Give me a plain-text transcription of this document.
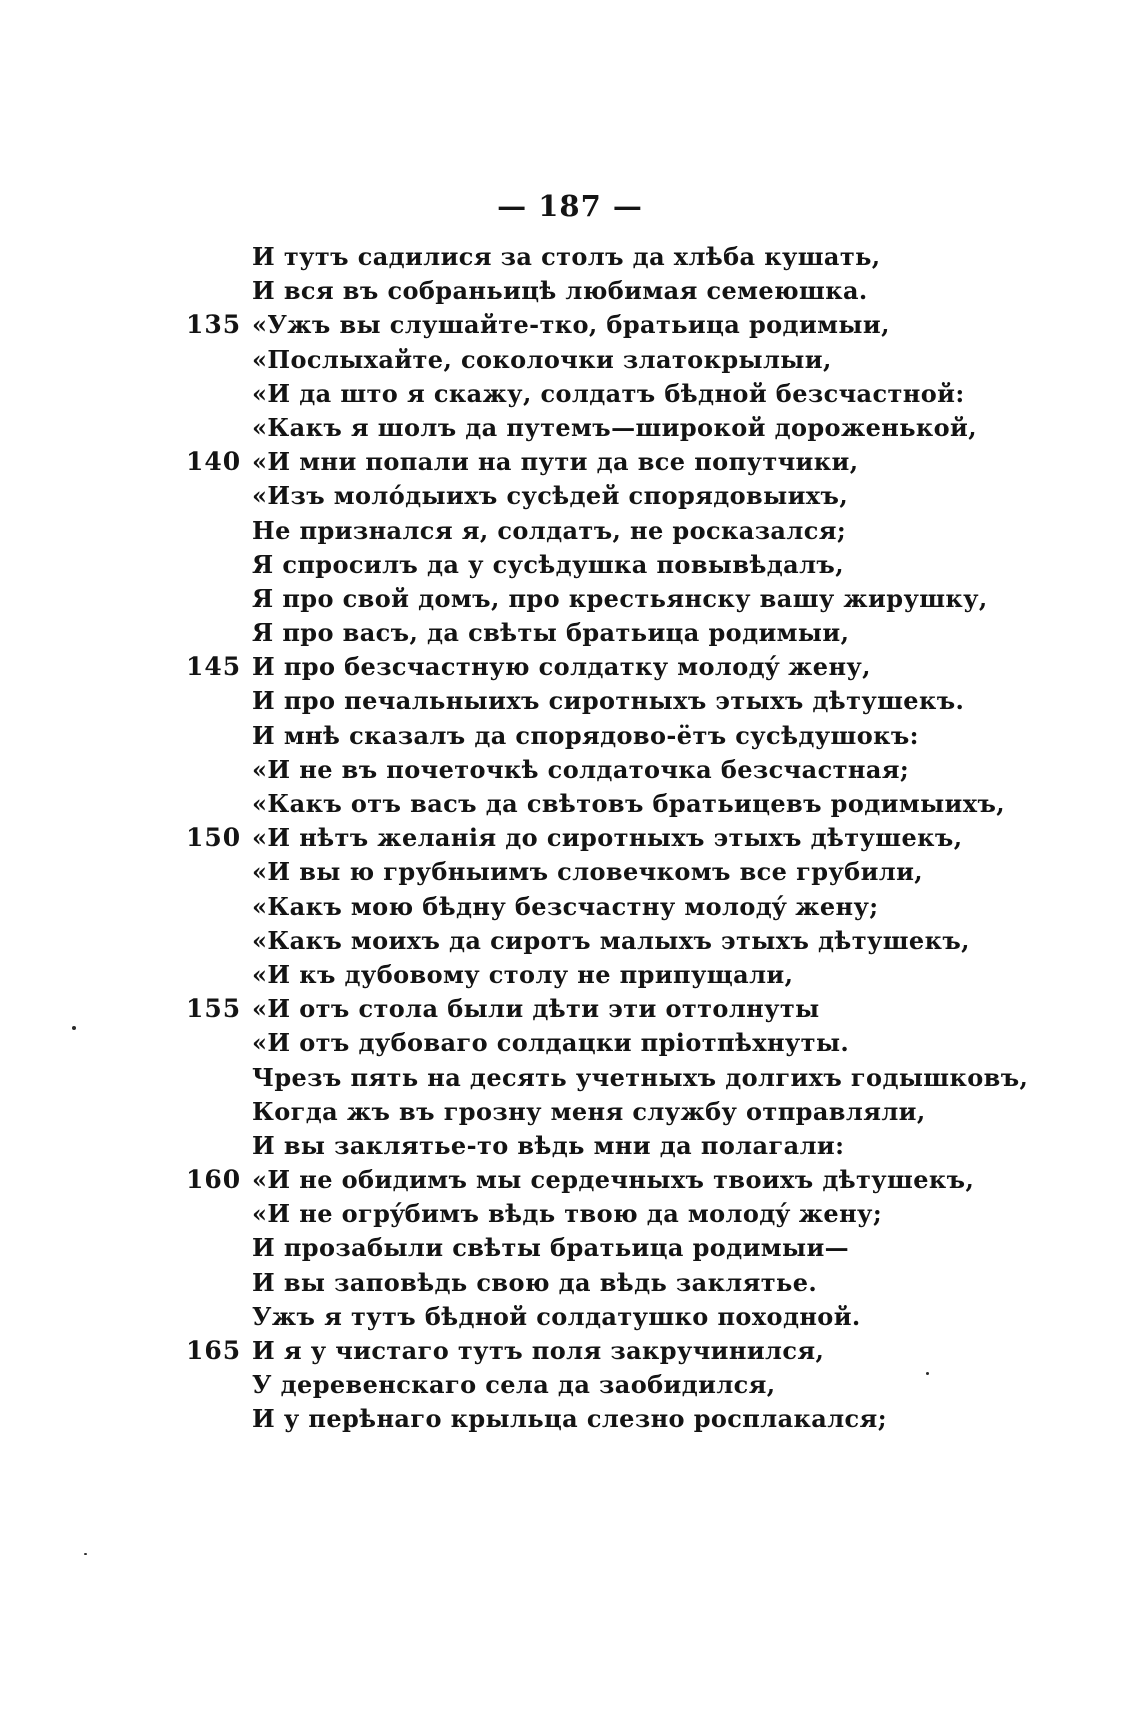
— 187 —
И тутъ садилися за столъ да хлѣба кушать,
И вся въ собраньицѣ любимая семеюшка.
135 «Ужъ вы слушайте-тко, братьица родимыи,
«Послыхайте, соколочки златокрылыи,
«И да што я скажу, солдатъ бѣдной безсчастной:
«Какъ я шолъ да путемъ—широкой дороженькой,
140 «И мни попали на пути да все попутчики,
«Изъ молóдыихъ сусѣдей спорядовыихъ,
Не признался я, солдатъ, не росказался;
Я спросилъ да у сусѣдушка повывѣдалъ,
Я про свой домъ, про крестьянску вашу жирушку,
Я про васъ, да свѣты братьица родимыи,
145 И про безсчастную солдатку молодý жену,
И про печальныихъ сиротныхъ этыхъ дѣтушекъ.
И мнѣ сказалъ да спорядово-ётъ сусѣдушокъ:
«И не въ почеточкѣ солдаточка безсчастная;
«Какъ отъ васъ да свѣтовъ братьицевъ родимыихъ,
150 «И нѣтъ желанія до сиротныхъ этыхъ дѣтушекъ,
«И вы ю грубныимъ словечкомъ все грубили,
«Какъ мою бѣдну безсчастну молодý жену;
«Какъ моихъ да сиротъ малыхъ этыхъ дѣтушекъ,
«И къ дубовому столу не припущали,
155 «И отъ стола были дѣти эти оттолнуты
«И отъ дубоваго солдацки пріотпѣхнуты.
Чрезъ пять на десять учетныхъ долгихъ годышковъ,
Когда жъ въ грозну меня службу отправляли,
И вы заклятье-то вѣдь мни да полагали:
160 «И не обидимъ мы сердечныхъ твоихъ дѣтушекъ,
«И не огрýбимъ вѣдь твою да молодý жену;
И прозабыли свѣты братьица родимыи—
И вы заповѣдь свою да вѣдь заклятье.
Ужъ я тутъ бѣдной солдатушко походной.
165 И я у чистаго тутъ поля закручинился,
У деревенскаго села да заобидился,
И у перѣнаго крыльца слезно росплакался;
